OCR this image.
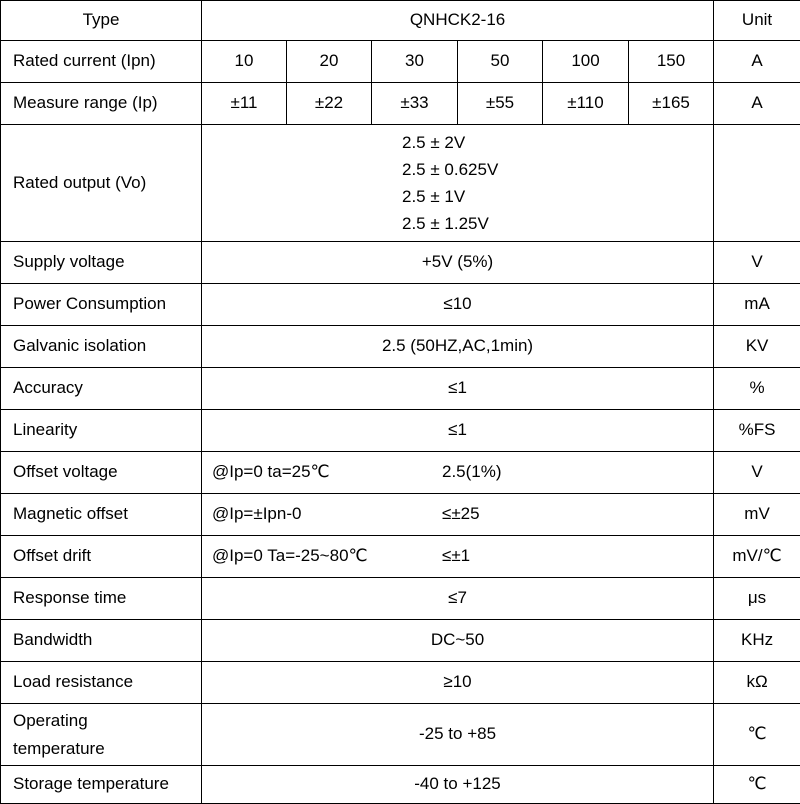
Type	QNHCK2-16						Unit
Rated current (Ipn)	10	20	30	50	100	150	A
Measure range (Ip)	±11	±22	±33	±55	±110	±165	A
Rated output (Vo)	2.5 ± 2V
2.5 ± 0.625V
2.5 ± 1V
2.5 ± 1.25V						

Supply voltage	+5V (5%)						V
Power Consumption	≤10						mA
Galvanic isolation	2.5 (50HZ,AC,1min)						KV
Accuracy	≤1						%
Linearity	≤1						%FS
Offset voltage	@Ip=0 ta=25℃ 2.5(1%)						V
Magnetic offset	@Ip=±Ipn-0 ≤±25						mV
Offset drift	@Ip=0 Ta=-25~80℃ ≤±1						mV/℃
Response time	≤7						μs
Bandwidth	DC~50						KHz
Load resistance	≥10						kΩ

Operating
temperature	-25 to +85						℃
Storage temperature	-40 to +125						℃
